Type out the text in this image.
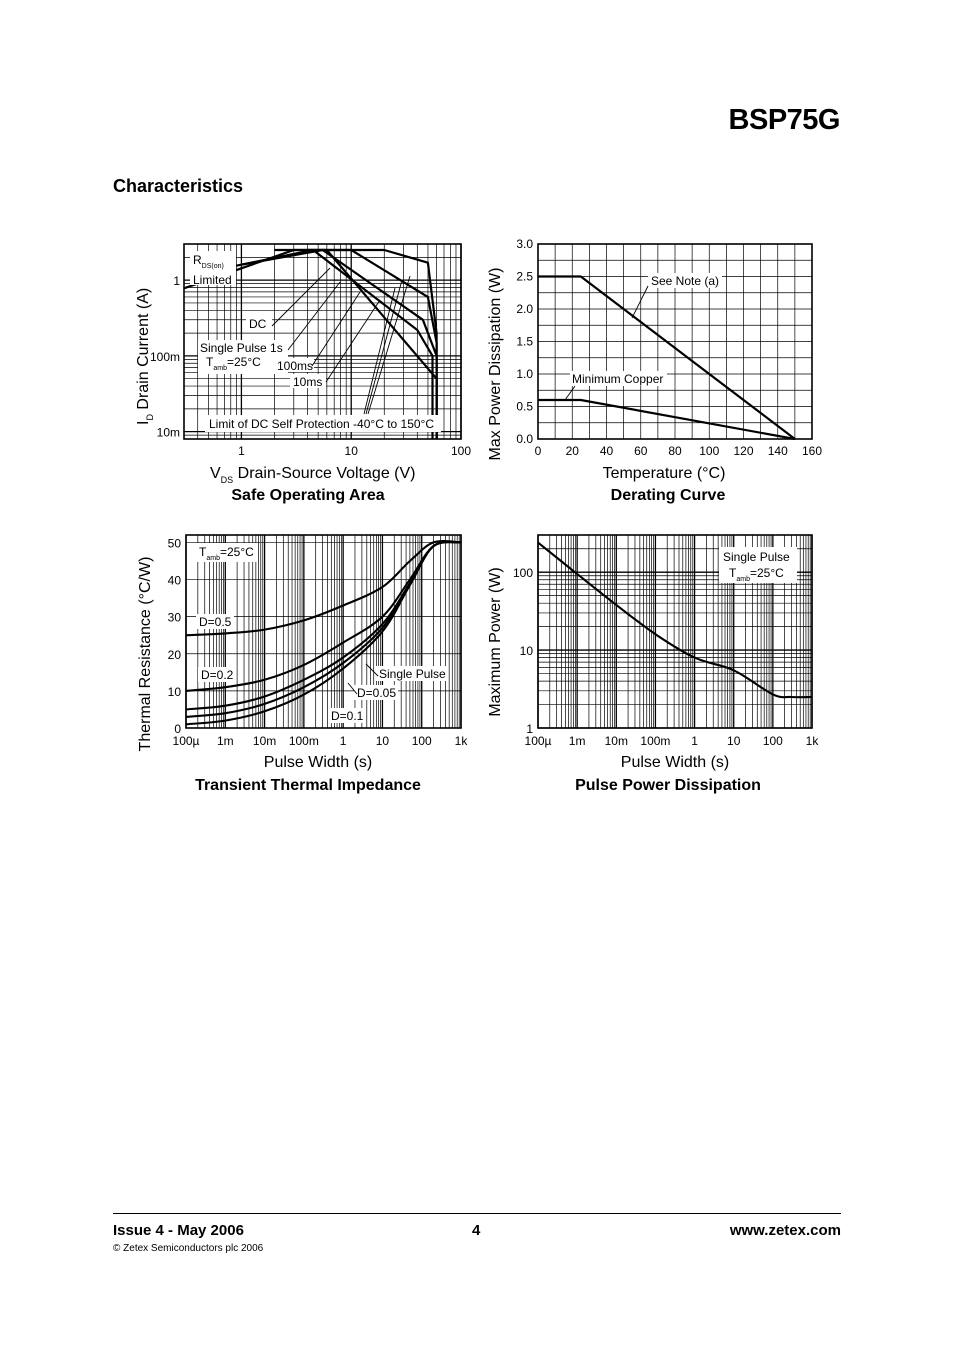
BSP75G
Characteristics
1	10	100
1
100m
10m
$R_{DS(on)}$
Limited
DC
Single Pulse 1s
$T_{amb}=25^\circ C$ 100ms
10ms
Limit of DC Self Protection -40°C to 150°C
$V_{DS}$ Drain-Source Voltage (V)
$I_D$ Drain Current (A)
Safe Operating Area
0 20 40 60 80 100 120 140 160
0.0
0.5
1.0
1.5
2.0
2.5
3.0
See Note (a)
Minimum Copper
Temperature (°C)
Max Power Dissipation (W)
Derating Curve
100µ 1m 10m 100m 1 10 100 1k
0
10
20
30
40
50
$T_{amb}=25^\circ C$
D=0.5
D=0.2	Single Pulse
D=0.05
D=0.1
Pulse Width (s)
Thermal Resistance (°C/W)
Transient Thermal Impedance
100µ 1m 10m 100m 1 10 100 1k
1
10
100
Single Pulse
$T_{amb}=25^\circ C$
Pulse Width (s)
Maximum Power (W)
Pulse Power Dissipation
Issue 4 - May 2006	4	www.zetex.com
© Zetex Semiconductors plc 2006
